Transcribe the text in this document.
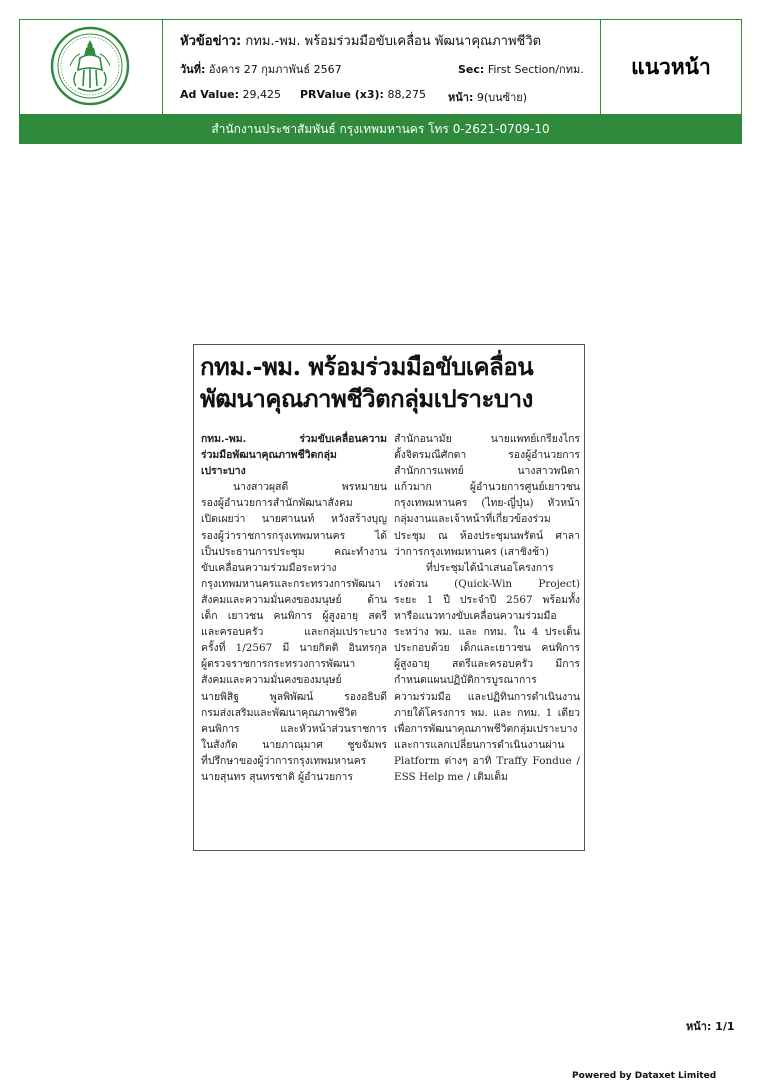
หัวข้อข่าว: กทม.-พม. พร้อมร่วมมือขับเคลื่อน พัฒนาคุณภาพชีวิต
วันที่: อังคาร 27 กุมภาพันธ์ 2567	Sec: First Section/กทม.
Ad Value: 29,425 PRValue (x3): 88,275 หน้า: 9(บนซ้าย)
แนวหน้า
สำนักงานประชาสัมพันธ์ กรุงเทพมหานคร โทร 0-2621-0709-10
กทม.-พม. พร้อมร่วมมือขับเคลื่อน
พัฒนาคุณภาพชีวิตกลุ่มเปราะบาง
กทม.-พม. ร่วมขับเคลื่อนความ
ร่วมมือพัฒนาคุณภาพชีวิตกลุ่ม
เปราะบาง
นางสาวผุสดี พรหมายน
รองผู้อำนวยการสำนักพัฒนาสังคม
เปิดเผยว่า นายศานนท์ หวังสร้างบุญ
รองผู้ว่าราชการกรุงเทพมหานคร ได้
เป็นประธานการประชุม คณะทำงาน
ขับเคลื่อนความร่วมมือระหว่าง
กรุงเทพมหานครและกระทรวงการพัฒนา
สังคมและความมั่นคงของมนุษย์ ด้าน
เด็ก เยาวชน คนพิการ ผู้สูงอายุ สตรี
และครอบครัว และกลุ่มเปราะบาง
ครั้งที่ 1/2567 มี นายกิตติ อินทรกุล
ผู้ตรวจราชการกระทรวงการพัฒนา
สังคมและความมั่นคงของมนุษย์
นายพิสิฐ พูลพิพัฒน์ รองอธิบดี
กรมส่งเสริมและพัฒนาคุณภาพชีวิต
คนพิการ และหัวหน้าส่วนราชการ
ในสังกัด นายภาณุมาศ ชูขจัมพร
ที่ปรึกษาของผู้ว่าการกรุงเทพมหานคร
นายสุนทร สุนทรชาติ ผู้อำนวยการ
สำนักอนามัย นายแพทย์เกรียงไกร
ตั้งจิตรมณีศักดา รองผู้อำนวยการ
สำนักการแพทย์ นางสาวพนิดา
แก้วมาก ผู้อำนวยการศูนย์เยาวชน
กรุงเทพมหานคร (ไทย-ญี่ปุ่น) หัวหน้า
กลุ่มงานและเจ้าหน้าที่เกี่ยวข้องร่วม
ประชุม ณ ห้องประชุมนพรัตน์ ศาลา
ว่าการกรุงเทพมหานคร (เสาชิงช้า)
ที่ประชุมได้นำเสนอโครงการ
เร่งด่วน (Quick-Win Project)
ระยะ 1 ปี ประจำปี 2567 พร้อมทั้ง
หารือแนวทางขับเคลื่อนความร่วมมือ
ระหว่าง พม. และ กทม. ใน 4 ประเด็น
ประกอบด้วย เด็กและเยาวชน คนพิการ
ผู้สูงอายุ สตรีและครอบครัว มีการ
กำหนดแผนปฏิบัติการบูรณาการ
ความร่วมมือ และปฏิทินการดำเนินงาน
ภายใต้โครงการ พม. และ กทม. 1 เดียว
เพื่อการพัฒนาคุณภาพชีวิตกลุ่มเปราะบาง
และการแลกเปลี่ยนการดำเนินงานผ่าน
Platform ต่างๆ อาทิ Traffy Fondue /
ESS Help me / เติมเต็ม
หน้า: 1/1
Powered by Dataxet Limited
